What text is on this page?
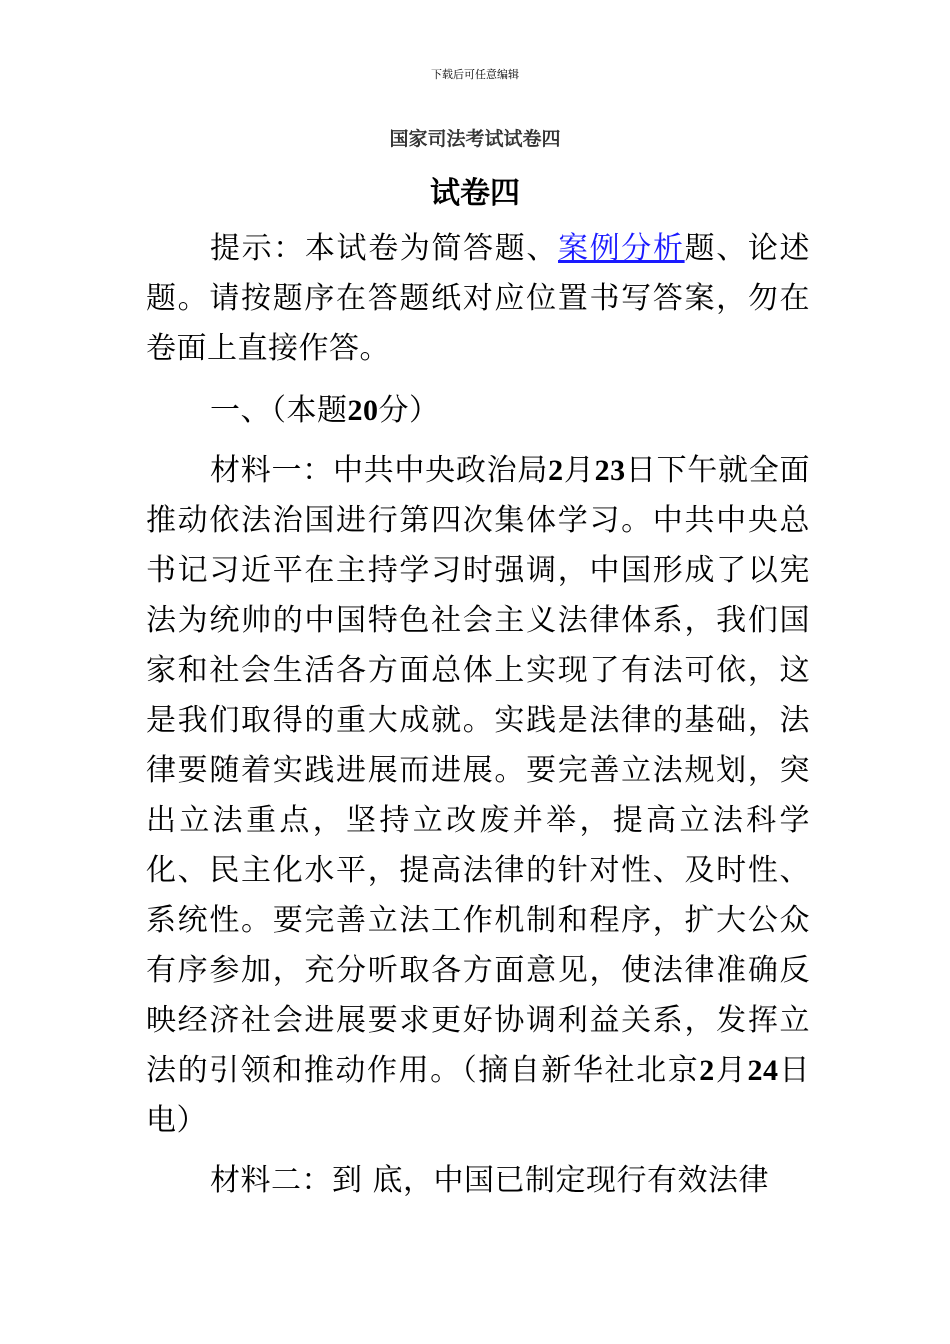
下载后可任意编辑
国家司法考试试卷四
试卷四

提示：本试卷为简答题、案例分析题、论述题。请按题序在答题纸对应位置书写答案，勿在卷面上直接作答。

一、（本题20分）

材料一：中共中央政治局2月23日下午就全面推动依法治国进行第四次集体学习。中共中央总书记习近平在主持学习时强调，中国形成了以宪法为统帅的中国特色社会主义法律体系，我们国家和社会生活各方面总体上实现了有法可依，这是我们取得的重大成就。实践是法律的基础，法律要随着实践进展而进展。要完善立法规划，突出立法重点，坚持立改废并举，提高立法科学化、民主化水平，提高法律的针对性、及时性、系统性。要完善立法工作机制和程序，扩大公众有序参加，充分听取各方面意见，使法律准确反映经济社会进展要求更好协调利益关系，发挥立法的引领和推动作用。（摘自新华社北京2月24日电）

材料二：到 底，中国已制定现行有效法律
